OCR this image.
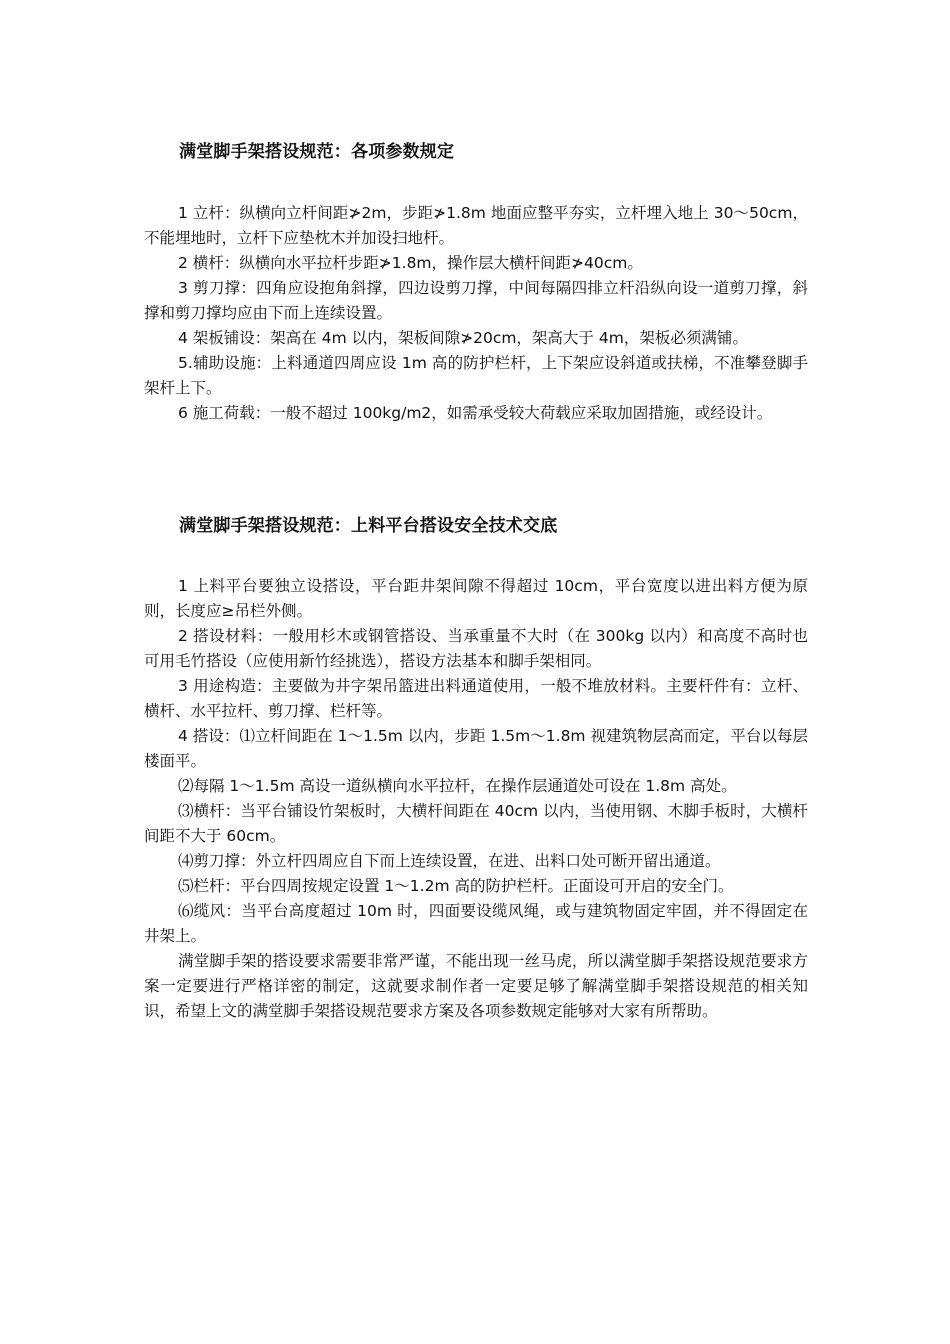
满堂脚手架搭设规范：各项参数规定

1 立杆：纵横向立杆间距≯2m，步距≯1.8m 地面应整平夯实，立杆埋入地上 30～50cm，不能埋地时，立杆下应垫枕木并加设扫地杆。

2 横杆：纵横向水平拉杆步距≯1.8m，操作层大横杆间距≯40cm。

3 剪刀撑：四角应设抱角斜撑，四边设剪刀撑，中间每隔四排立杆沿纵向设一道剪刀撑，斜撑和剪刀撑均应由下而上连续设置。

4 架板铺设：架高在 4m 以内，架板间隙≯20cm，架高大于 4m，架板必须满铺。

5.辅助设施：上料通道四周应设 1m 高的防护栏杆，上下架应设斜道或扶梯，不准攀登脚手架杆上下。

6 施工荷载：一般不超过 100kg/m2，如需承受较大荷载应采取加固措施，或经设计。

满堂脚手架搭设规范：上料平台搭设安全技术交底

1 上料平台要独立设搭设，平台距井架间隙不得超过 10cm，平台宽度以进出料方便为原则，长度应≥吊栏外侧。

2 搭设材料：一般用杉木或钢管搭设、当承重量不大时（在 300kg 以内）和高度不高时也可用毛竹搭设（应使用新竹经挑选），搭设方法基本和脚手架相同。

3 用途构造：主要做为井字架吊篮进出料通道使用，一般不堆放材料。主要杆件有：立杆、横杆、水平拉杆、剪刀撑、栏杆等。

4 搭设：⑴立杆间距在 1～1.5m 以内，步距 1.5m～1.8m 视建筑物层高而定，平台以每层楼面平。

⑵每隔 1～1.5m 高设一道纵横向水平拉杆，在操作层通道处可设在 1.8m 高处。

⑶横杆：当平台铺设竹架板时，大横杆间距在 40cm 以内，当使用钢、木脚手板时，大横杆间距不大于 60cm。

⑷剪刀撑：外立杆四周应自下而上连续设置，在进、出料口处可断开留出通道。

⑸栏杆：平台四周按规定设置 1～1.2m 高的防护栏杆。正面设可开启的安全门。

⑹缆风：当平台高度超过 10m 时，四面要设缆风绳，或与建筑物固定牢固，并不得固定在井架上。

满堂脚手架的搭设要求需要非常严谨，不能出现一丝马虎，所以满堂脚手架搭设规范要求方案一定要进行严格详密的制定，这就要求制作者一定要足够了解满堂脚手架搭设规范的相关知识，希望上文的满堂脚手架搭设规范要求方案及各项参数规定能够对大家有所帮助。
